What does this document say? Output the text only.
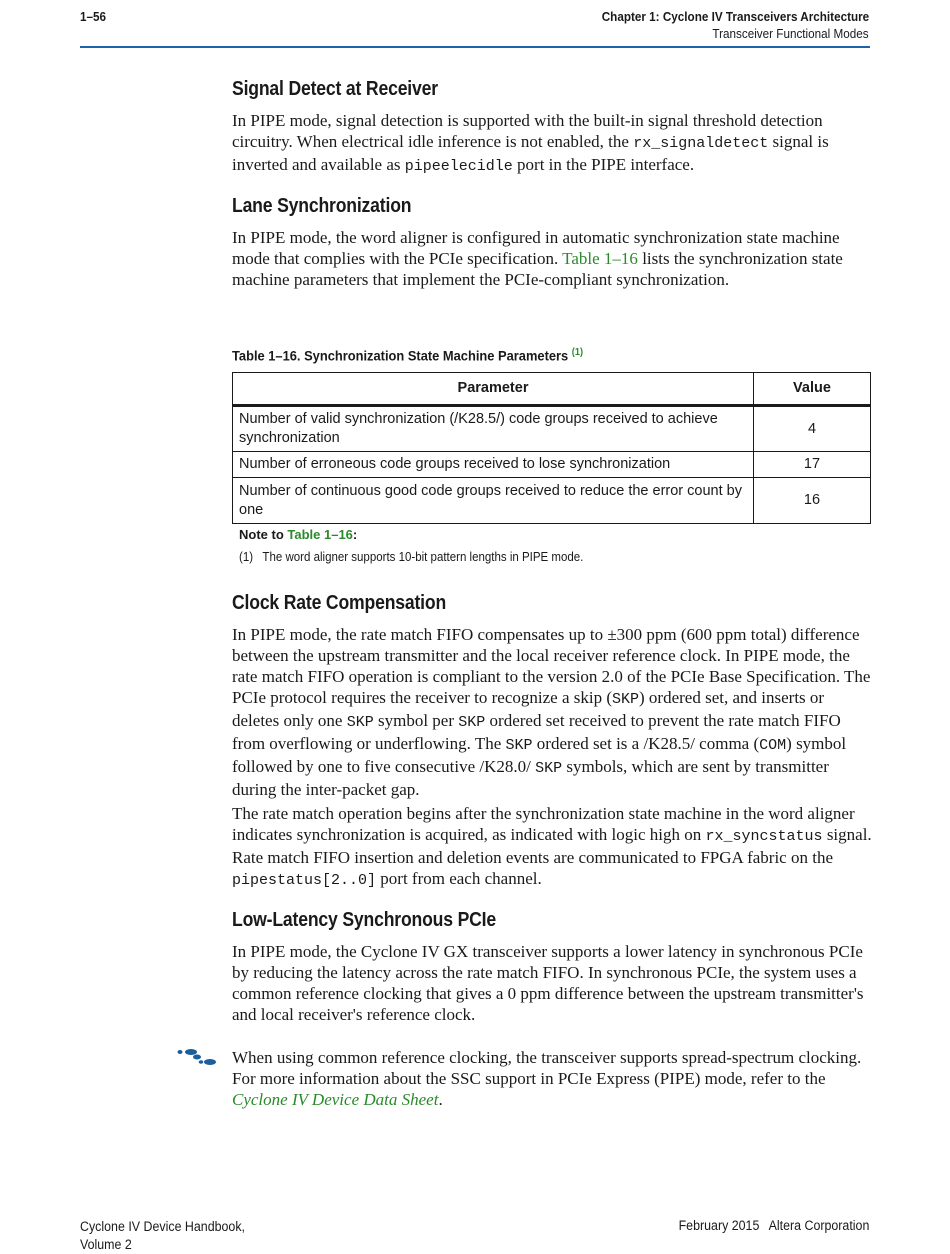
1–56	Chapter 1: Cyclone IV Transceivers Architecture
Transceiver Functional Modes
Signal Detect at Receiver

In PIPE mode, signal detection is supported with the built-in signal threshold detection circuitry. When electrical idle inference is not enabled, the rx_signaldetect signal is inverted and available as pipeelecidle port in the PIPE interface.

Lane Synchronization

In PIPE mode, the word aligner is configured in automatic synchronization state machine mode that complies with the PCIe specification. Table 1–16 lists the synchronization state machine parameters that implement the PCIe-compliant synchronization.

Table 1–16. Synchronization State Machine Parameters $^{(1)}$
Parameter	Value
Number of valid synchronization (/K28.5/) code groups received to achieve synchronization	4
Number of erroneous code groups received to lose synchronization	17
Number of continuous good code groups received to reduce the error count by one	16
Note to Table 1–16:
(1)   The word aligner supports 10-bit pattern lengths in PIPE mode.
Clock Rate Compensation

In PIPE mode, the rate match FIFO compensates up to ±300 ppm (600 ppm total) difference between the upstream transmitter and the local receiver reference clock. In PIPE mode, the rate match FIFO operation is compliant to the version 2.0 of the PCIe Base Specification. The PCIe protocol requires the receiver to recognize a skip (SKP) ordered set, and inserts or deletes only one SKP symbol per SKP ordered set received to prevent the rate match FIFO from overflowing or underflowing. The SKP ordered set is a /K28.5/ comma (COM) symbol followed by one to five consecutive /K28.0/ SKP symbols, which are sent by transmitter during the inter-packet gap.

The rate match operation begins after the synchronization state machine in the word aligner indicates synchronization is acquired, as indicated with logic high on rx_syncstatus signal. Rate match FIFO insertion and deletion events are communicated to FPGA fabric on the pipestatus[2..0] port from each channel.

Low-Latency Synchronous PCIe
In PIPE mode, the Cyclone IV GX transceiver supports a lower latency in synchronous PCIe by reducing the latency across the rate match FIFO. In synchronous PCIe, the system uses a common reference clocking that gives a 0 ppm difference between the upstream transmitter's and local receiver's reference clock.

When using common reference clocking, the transceiver supports spread-spectrum clocking. For more information about the SSC support in PCIe Express (PIPE) mode, refer to the Cyclone IV Device Data Sheet.

Cyclone IV Device Handbook,
Volume 2
February 2015 Altera Corporation
